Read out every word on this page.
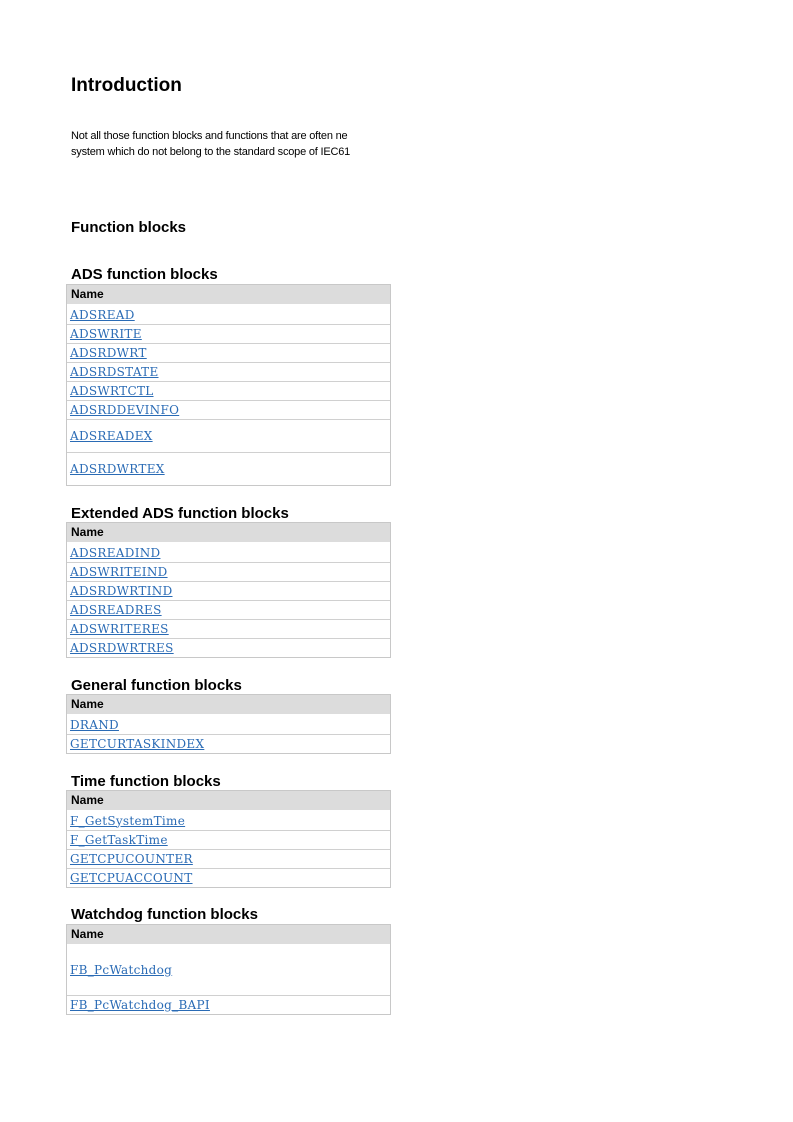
Introduction
Not all those function blocks and functions that are often ne
system which do not belong to the standard scope of IEC61
Function blocks
ADS function blocks
Name
ADSREAD
ADSWRITE
ADSRDWRT
ADSRDSTATE
ADSWRTCTL
ADSRDDEVINFO
ADSREADEX
ADSRDWRTEX
Extended ADS function blocks
Name
ADSREADIND
ADSWRITEIND
ADSRDWRTIND
ADSREADRES
ADSWRITERES
ADSRDWRTRES
General function blocks
Name
DRAND
GETCURTASKINDEX
Time function blocks
Name
F_GetSystemTime
F_GetTaskTime
GETCPUCOUNTER
GETCPUACCOUNT
Watchdog function blocks
Name
FB_PcWatchdog
FB_PcWatchdog_BAPI
